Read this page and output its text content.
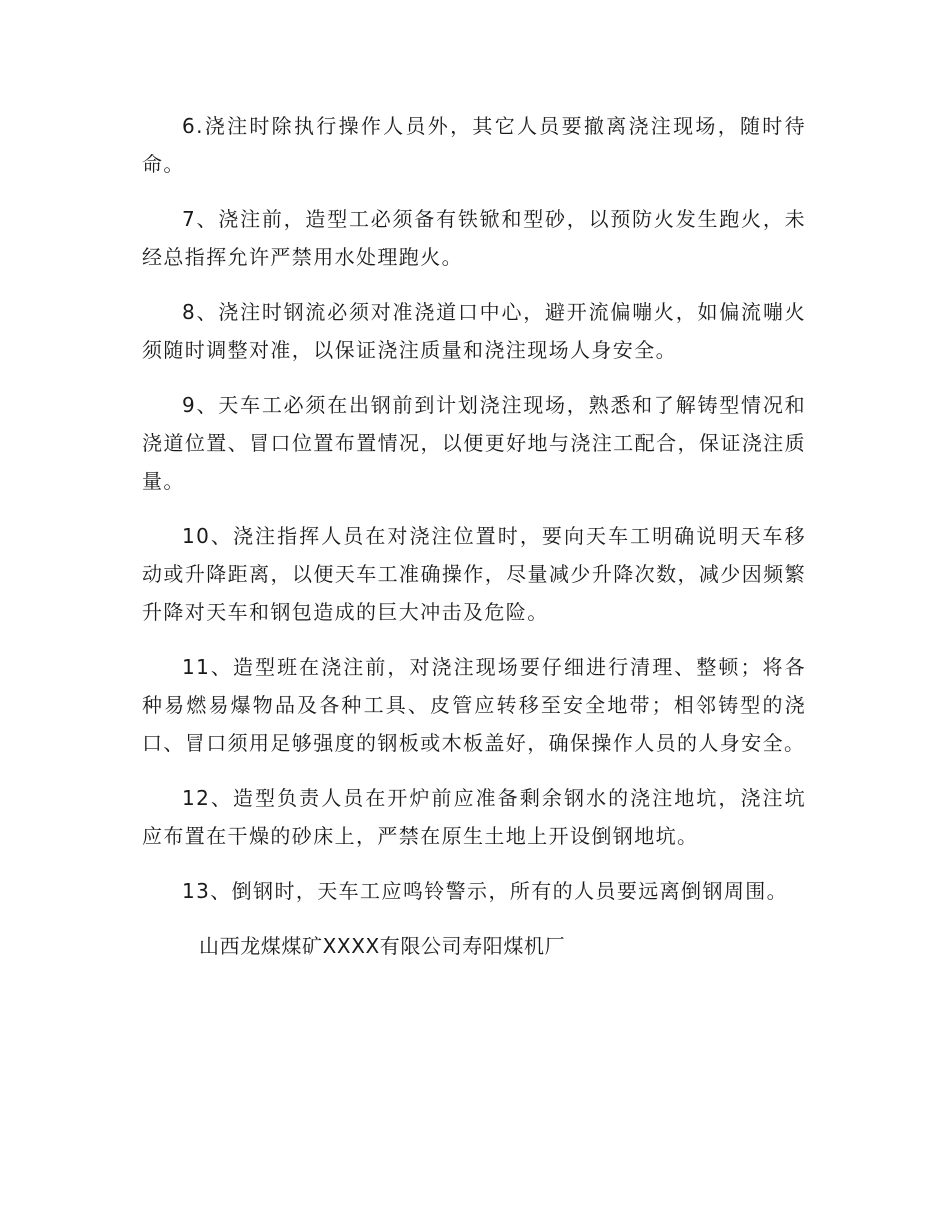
6.浇注时除执行操作人员外，其它人员要撤离浇注现场，随时待命。

7、浇注前，造型工必须备有铁锨和型砂，以预防火发生跑火，未经总指挥允许严禁用水处理跑火。

8、浇注时钢流必须对准浇道口中心，避开流偏嘣火，如偏流嘣火须随时调整对准，以保证浇注质量和浇注现场人身安全。

9、天车工必须在出钢前到计划浇注现场，熟悉和了解铸型情况和浇道位置、冒口位置布置情况，以便更好地与浇注工配合，保证浇注质量。

10、浇注指挥人员在对浇注位置时，要向天车工明确说明天车移动或升降距离，以便天车工准确操作，尽量减少升降次数，减少因频繁升降对天车和钢包造成的巨大冲击及危险。

11、造型班在浇注前，对浇注现场要仔细进行清理、整顿；将各种易燃易爆物品及各种工具、皮管应转移至安全地带；相邻铸型的浇口、冒口须用足够强度的钢板或木板盖好，确保操作人员的人身安全。

12、造型负责人员在开炉前应准备剩余钢水的浇注地坑，浇注坑应布置在干燥的砂床上，严禁在原生土地上开设倒钢地坑。

13、倒钢时，天车工应鸣铃警示，所有的人员要远离倒钢周围。

山西龙煤煤矿XXXX有限公司寿阳煤机厂
